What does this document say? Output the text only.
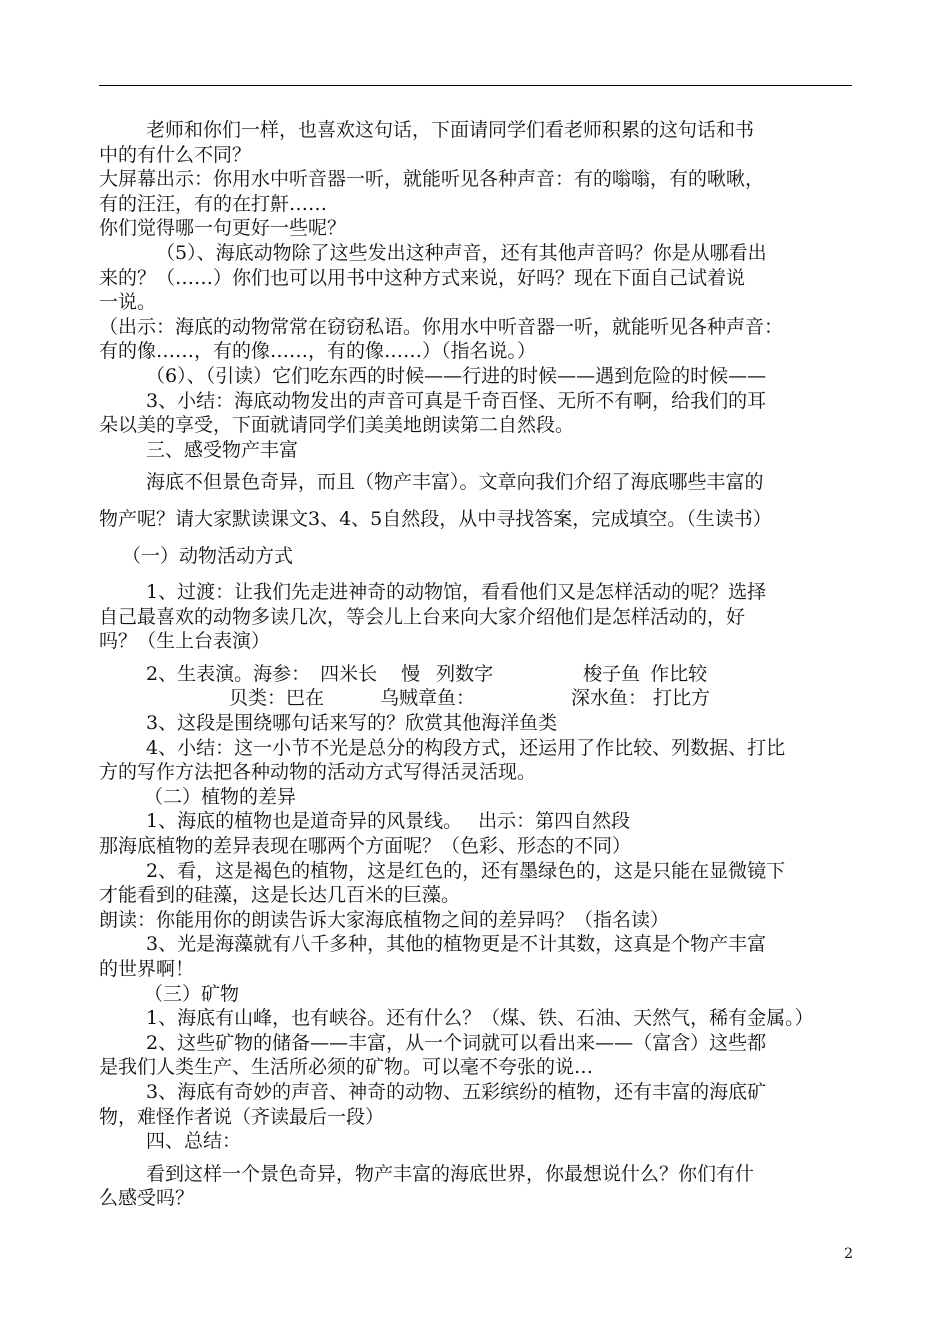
老师和你们一样，也喜欢这句话，下面请同学们看老师积累的这句话和书
中的有什么不同？
大屏幕出示：你用水中听音器一听，就能听见各种声音：有的嗡嗡，有的啾啾，
有的汪汪，有的在打鼾……
你们觉得哪一句更好一些呢？
（5）、海底动物除了这些发出这种声音，还有其他声音吗？你是从哪看出
来的？（……）你们也可以用书中这种方式来说，好吗？现在下面自己试着说
一说。
（出示：海底的动物常常在窃窃私语。你用水中听音器一听，就能听见各种声音：
有的像……，有的像……，有的像……）（指名说。）
（6）、（引读）它们吃东西的时候——行进的时候——遇到危险的时候——
3、小结：海底动物发出的声音可真是千奇百怪、无所不有啊，给我们的耳
朵以美的享受，下面就请同学们美美地朗读第二自然段。
三、感受物产丰富
海底不但景色奇异，而且（物产丰富）。文章向我们介绍了海底哪些丰富的
物产呢？请大家默读课文3、4、5自然段，从中寻找答案，完成填空。（生读书）
（一）动物活动方式
1、过渡：让我们先走进神奇的动物馆，看看他们又是怎样活动的呢？选择
自己最喜欢的动物多读几次，等会儿上台来向大家介绍他们是怎样活动的，好
吗？（生上台表演）
2、生表演。海参： 四米长 慢 列数字	梭子鱼 作比较
贝类：巴在	乌贼章鱼：	深水鱼： 打比方
3、这段是围绕哪句话来写的？欣赏其他海洋鱼类
4、小结：这一小节不光是总分的构段方式，还运用了作比较、列数据、打比
方的写作方法把各种动物的活动方式写得活灵活现。
（二）植物的差异
1、海底的植物也是道奇异的风景线。 出示：第四自然段
那海底植物的差异表现在哪两个方面呢？（色彩、形态的不同）
2、看，这是褐色的植物，这是红色的，还有墨绿色的，这是只能在显微镜下
才能看到的硅藻，这是长达几百米的巨藻。
朗读：你能用你的朗读告诉大家海底植物之间的差异吗？（指名读）
3、光是海藻就有八千多种，其他的植物更是不计其数，这真是个物产丰富
的世界啊！
（三）矿物
1、海底有山峰，也有峡谷。还有什么？（煤、铁、石油、天然气，稀有金属。）
2、这些矿物的储备——丰富，从一个词就可以看出来——（富含）这些都
是我们人类生产、生活所必须的矿物。可以毫不夸张的说…
3、海底有奇妙的声音、神奇的动物、五彩缤纷的植物，还有丰富的海底矿
物，难怪作者说（齐读最后一段）
四、总结：
看到这样一个景色奇异，物产丰富的海底世界，你最想说什么？你们有什
么感受吗？
2
